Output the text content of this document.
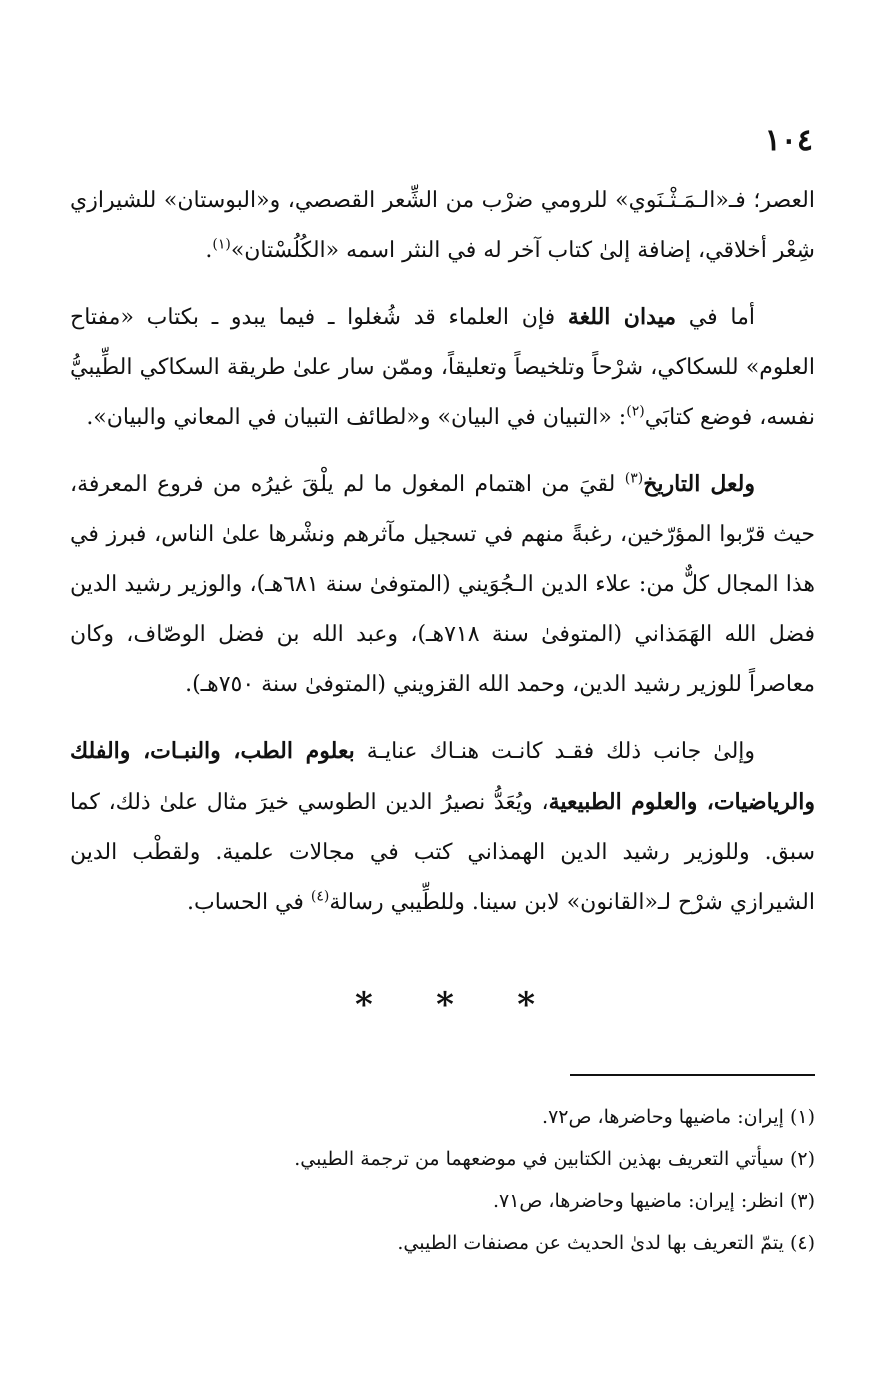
١٠٤

العصر؛ فـ«الـمَـثْـنَوي» للرومي ضرْب من الشِّعر القصصي، و«البوستان» للشيرازي شِعْر أخلاقي، إضافة إلىٰ كتاب آخر له في النثر اسمه «الكُلُسْتان»$^{(١)}$.

أما في ميدان اللغة فإن العلماء قد شُغلوا ـ فيما يبدو ـ بكتاب «مفتاح العلوم» للسكاكي، شرْحاً وتلخيصاً وتعليقاً، وممّن سار علىٰ طريقة السكاكي الطِّيبيُّ نفسه، فوضع كتابَي$^{(٢)}$: «التبيان في البيان» و«لطائف التبيان في المعاني والبيان».

ولعل التاريخ$^{(٣)}$ لقيَ من اهتمام المغول ما لم يلْقَ غيرُه من فروع المعرفة، حيث قرّبوا المؤرّخين، رغبةً منهم في تسجيل مآثرهم ونشْرها علىٰ الناس، فبرز في هذا المجال كلٌّ من: علاء الدين الـجُوَيني (المتوفىٰ سنة ٦٨١هـ)، والوزير رشيد الدين فضل الله الهَمَذاني (المتوفىٰ سنة ٧١٨هـ)، وعبد الله بن فضل الوصّاف، وكان معاصراً للوزير رشيد الدين، وحمد الله القزويني (المتوفىٰ سنة ٧٥٠هـ).

وإلىٰ جانب ذلك فقـد كانـت هنـاك عنايـة بعلوم الطب، والنبـات، والفلك والرياضيات، والعلوم الطبيعية، ويُعَدُّ نصيرُ الدين الطوسي خيرَ مثال علىٰ ذلك، كما سبق. وللوزير رشيد الدين الهمذاني كتب في مجالات علمية. ولقطْب الدين الشيرازي شرْح لـ«القانون» لابن سينا. وللطِّيبي رسالة$^{(٤)}$ في الحساب.

*
*
*
(١) إيران: ماضيها وحاضرها، ص٧٢.
(٢) سيأتي التعريف بهذين الكتابين في موضعهما من ترجمة الطيبي.
(٣) انظر: إيران: ماضيها وحاضرها، ص٧١.
(٤) يتمّ التعريف بها لدىٰ الحديث عن مصنفات الطيبي.
